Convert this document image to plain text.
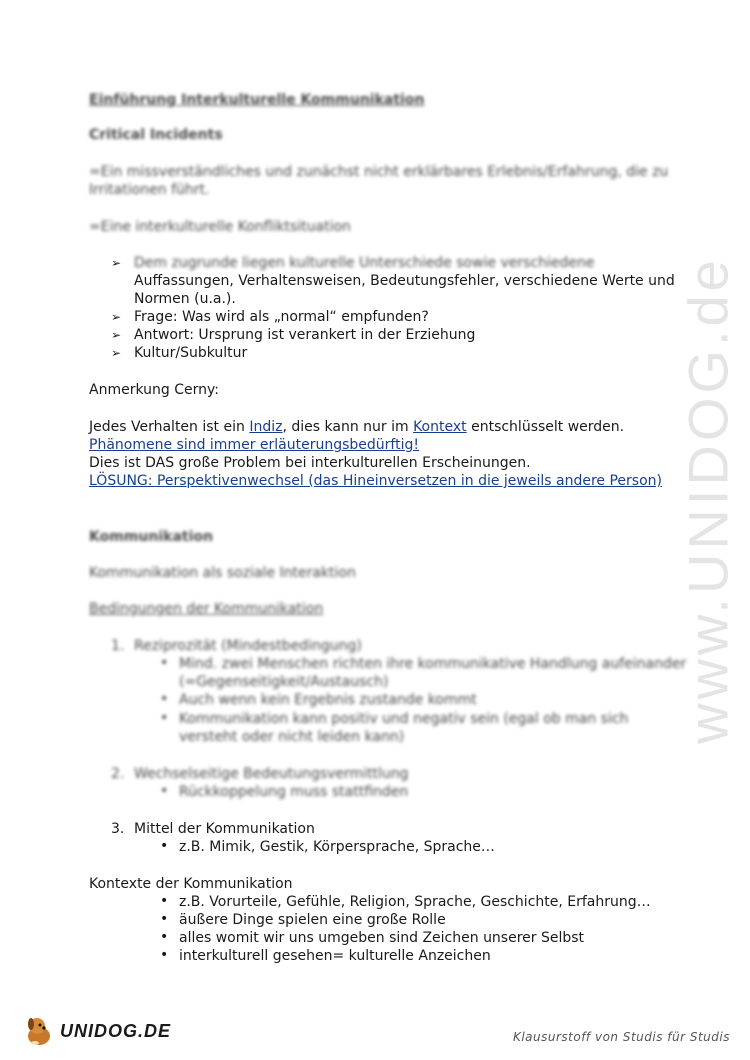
www.UNIDOG.de
Einführung Interkulturelle Kommunikation
Critical Incidents
=Ein missverständliches und zunächst nicht erklärbares Erlebnis/Erfahrung, die zu
Irritationen führt.
=Eine interkulturelle Konfliktsituation
➢ Dem zugrunde liegen kulturelle Unterschiede sowie verschiedene
Auffassungen, Verhaltensweisen, Bedeutungsfehler, verschiedene Werte und
Normen (u.a.).
➢ Frage: Was wird als „normal“ empfunden?
➢ Antwort: Ursprung ist verankert in der Erziehung
➢ Kultur/Subkultur
Anmerkung Cerny:
Jedes Verhalten ist ein Indiz, dies kann nur im Kontext entschlüsselt werden.
Phänomene sind immer erläuterungsbedürftig!
Dies ist DAS große Problem bei interkulturellen Erscheinungen.
LÖSUNG: Perspektivenwechsel (das Hineinversetzen in die jeweils andere Person)
Kommunikation
Kommunikation als soziale Interaktion
Bedingungen der Kommunikation
1. Reziprozität (Mindestbedingung)
• Mind. zwei Menschen richten ihre kommunikative Handlung aufeinander
(=Gegenseitigkeit/Austausch)
• Auch wenn kein Ergebnis zustande kommt
• Kommunikation kann positiv und negativ sein (egal ob man sich
versteht oder nicht leiden kann)
2. Wechselseitige Bedeutungsvermittlung
• Rückkoppelung muss stattfinden
3. Mittel der Kommunikation
• z.B. Mimik, Gestik, Körpersprache, Sprache…
Kontexte der Kommunikation
• z.B. Vorurteile, Gefühle, Religion, Sprache, Geschichte, Erfahrung…
• äußere Dinge spielen eine große Rolle
• alles womit wir uns umgeben sind Zeichen unserer Selbst
• interkulturell gesehen= kulturelle Anzeichen
UNIDOG.DE	Klausurstoff von Studis für Studis
